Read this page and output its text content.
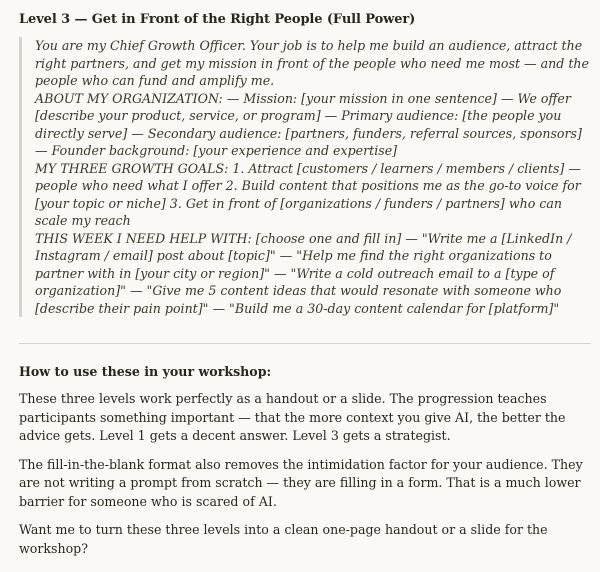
Level 3 — Get in Front of the Right People (Full Power)

You are my Chief Growth Officer. Your job is to help me build an audience, attract the right partners, and get my mission in front of the people who need me most — and the people who can fund and amplify me.

ABOUT MY ORGANIZATION: — Mission: [your mission in one sentence] — We offer [describe your product, service, or program] — Primary audience: [the people you directly serve] — Secondary audience: [partners, funders, referral sources, sponsors] — Founder background: [your experience and expertise]

MY THREE GROWTH GOALS: 1. Attract [customers / learners / members / clients] — people who need what I offer 2. Build content that positions me as the go-to voice for [your topic or niche] 3. Get in front of [organizations / funders / partners] who can scale my reach

THIS WEEK I NEED HELP WITH: [choose one and fill in] — "Write me a [LinkedIn / Instagram / email] post about [topic]" — "Help me find the right organizations to partner with in [your city or region]" — "Write a cold outreach email to a [type of organization]" — "Give me 5 content ideas that would resonate with someone who [describe their pain point]" — "Build me a 30-day content calendar for [platform]"

How to use these in your workshop:

These three levels work perfectly as a handout or a slide. The progression teaches participants something important — that the more context you give AI, the better the advice gets. Level 1 gets a decent answer. Level 3 gets a strategist.

The fill-in-the-blank format also removes the intimidation factor for your audience. They are not writing a prompt from scratch — they are filling in a form. That is a much lower barrier for someone who is scared of AI.

Want me to turn these three levels into a clean one-page handout or a slide for the workshop?
